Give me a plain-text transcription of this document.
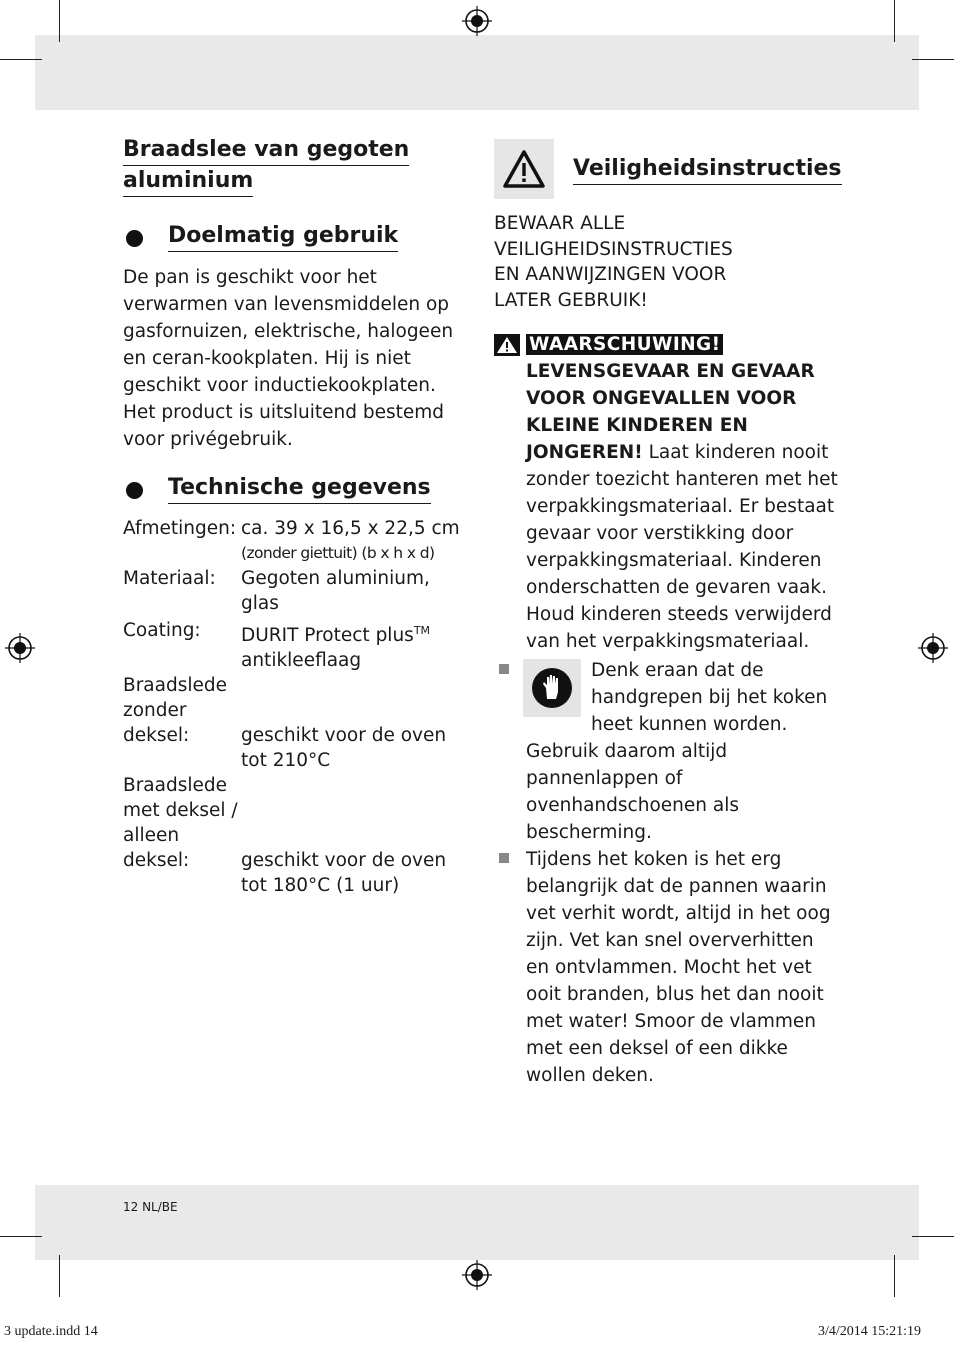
Braadslee van gegoten
aluminium
Doelmatig gebruik

De pan is geschikt voor het verwarmen van levensmiddelen op gasfornuizen, elektrische, halogeen en ceran-kookplaten. Hij is niet geschikt voor inductiekookplaten. Het product is uitsluitend bestemd voor privégebruik.

Technische gegevens
Afmetingen: ca. 39 x 16,5 x 22,5 cm
(zonder giettuit) (b x h x d)
Materiaal:	Gegoten aluminium,
glas
Coating:	DURIT Protect plus™
antikleeflaag
Braadslede
zonder
deksel:	geschikt voor de oven
tot 210°C
Braadslede
met deksel /
alleen
deksel:	geschikt voor de oven
tot 180°C (1 uur)
Veiligheidsinstructies
BEWAAR ALLE
VEILIGHEIDSINSTRUCTIES
EN AANWIJZINGEN VOOR
LATER GEBRUIK!
WAARSCHUWING!
LEVENSGEVAAR EN GEVAAR VOOR ONGEVALLEN VOOR KLEINE KINDEREN EN JONGEREN! Laat kinderen nooit zonder toezicht hanteren met het verpakkingsmateriaal. Er bestaat gevaar voor verstikking door verpakkingsmateriaal. Kinderen onderschatten de gevaren vaak. Houd kinderen steeds verwijderd van het verpakkingsmateriaal.
Denk eraan dat de handgrepen bij het koken heet kunnen worden. Gebruik daarom altijd pannenlappen of ovenhandschoenen als bescherming.
Tijdens het koken is het erg belangrijk dat de pannen waarin vet verhit wordt, altijd in het oog zijn. Vet kan snel oververhitten en ontvlammen. Mocht het vet ooit branden, blus het dan nooit met water! Smoor de vlammen met een deksel of een dikke wollen deken.
12 NL/BE
3 update.indd 14	3/4/2014 15:21:19
